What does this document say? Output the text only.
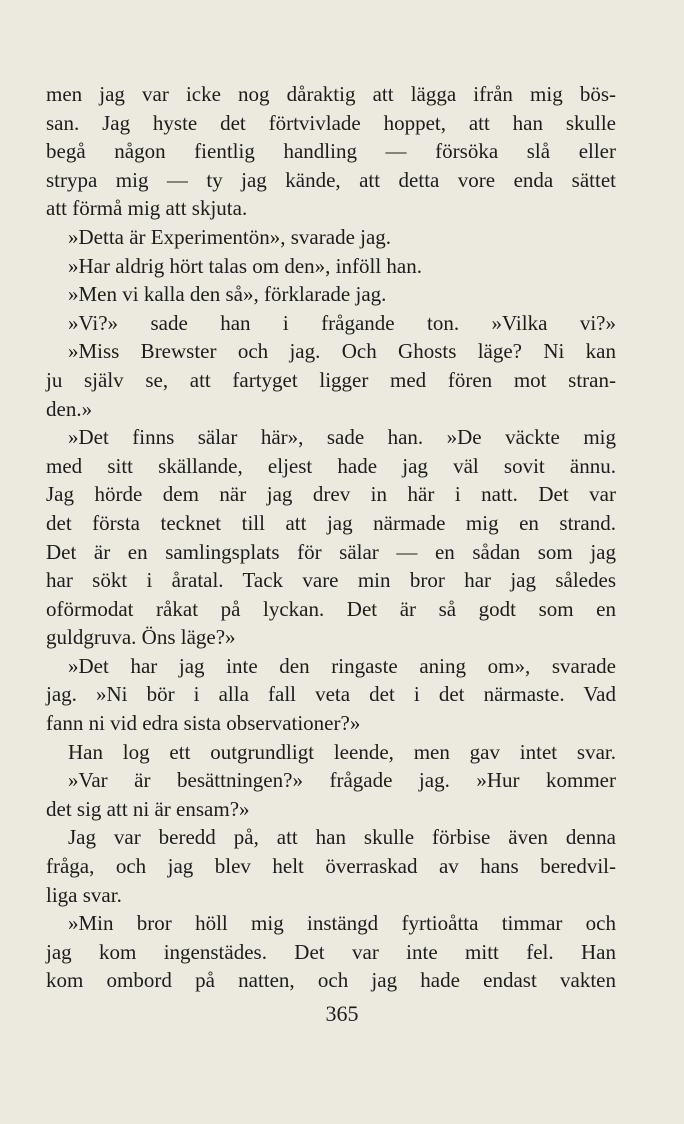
men jag var icke nog dåraktig att lägga ifrån mig bös-
san. Jag hyste det förtvivlade hoppet, att han skulle
begå någon fientlig handling — försöka slå eller
strypa mig — ty jag kände, att detta vore enda sättet
att förmå mig att skjuta.
»Detta är Experimentön», svarade jag.
»Har aldrig hört talas om den», inföll han.
»Men vi kalla den så», förklarade jag.
»Vi?» sade han i frågande ton. »Vilka vi?»
»Miss Brewster och jag. Och Ghosts läge? Ni kan
ju själv se, att fartyget ligger med fören mot stran-
den.»
»Det finns sälar här», sade han. »De väckte mig
med sitt skällande, eljest hade jag väl sovit ännu.
Jag hörde dem när jag drev in här i natt. Det var
det första tecknet till att jag närmade mig en strand.
Det är en samlingsplats för sälar — en sådan som jag
har sökt i åratal. Tack vare min bror har jag således
oförmodat råkat på lyckan. Det är så godt som en
guldgruva. Öns läge?»
»Det har jag inte den ringaste aning om», svarade
jag. »Ni bör i alla fall veta det i det närmaste. Vad
fann ni vid edra sista observationer?»
Han log ett outgrundligt leende, men gav intet svar.
»Var är besättningen?» frågade jag. »Hur kommer
det sig att ni är ensam?»
Jag var beredd på, att han skulle förbise även denna
fråga, och jag blev helt överraskad av hans beredvil-
liga svar.
»Min bror höll mig instängd fyrtioåtta timmar och
jag kom ingenstädes. Det var inte mitt fel. Han
kom ombord på natten, och jag hade endast vakten
365
